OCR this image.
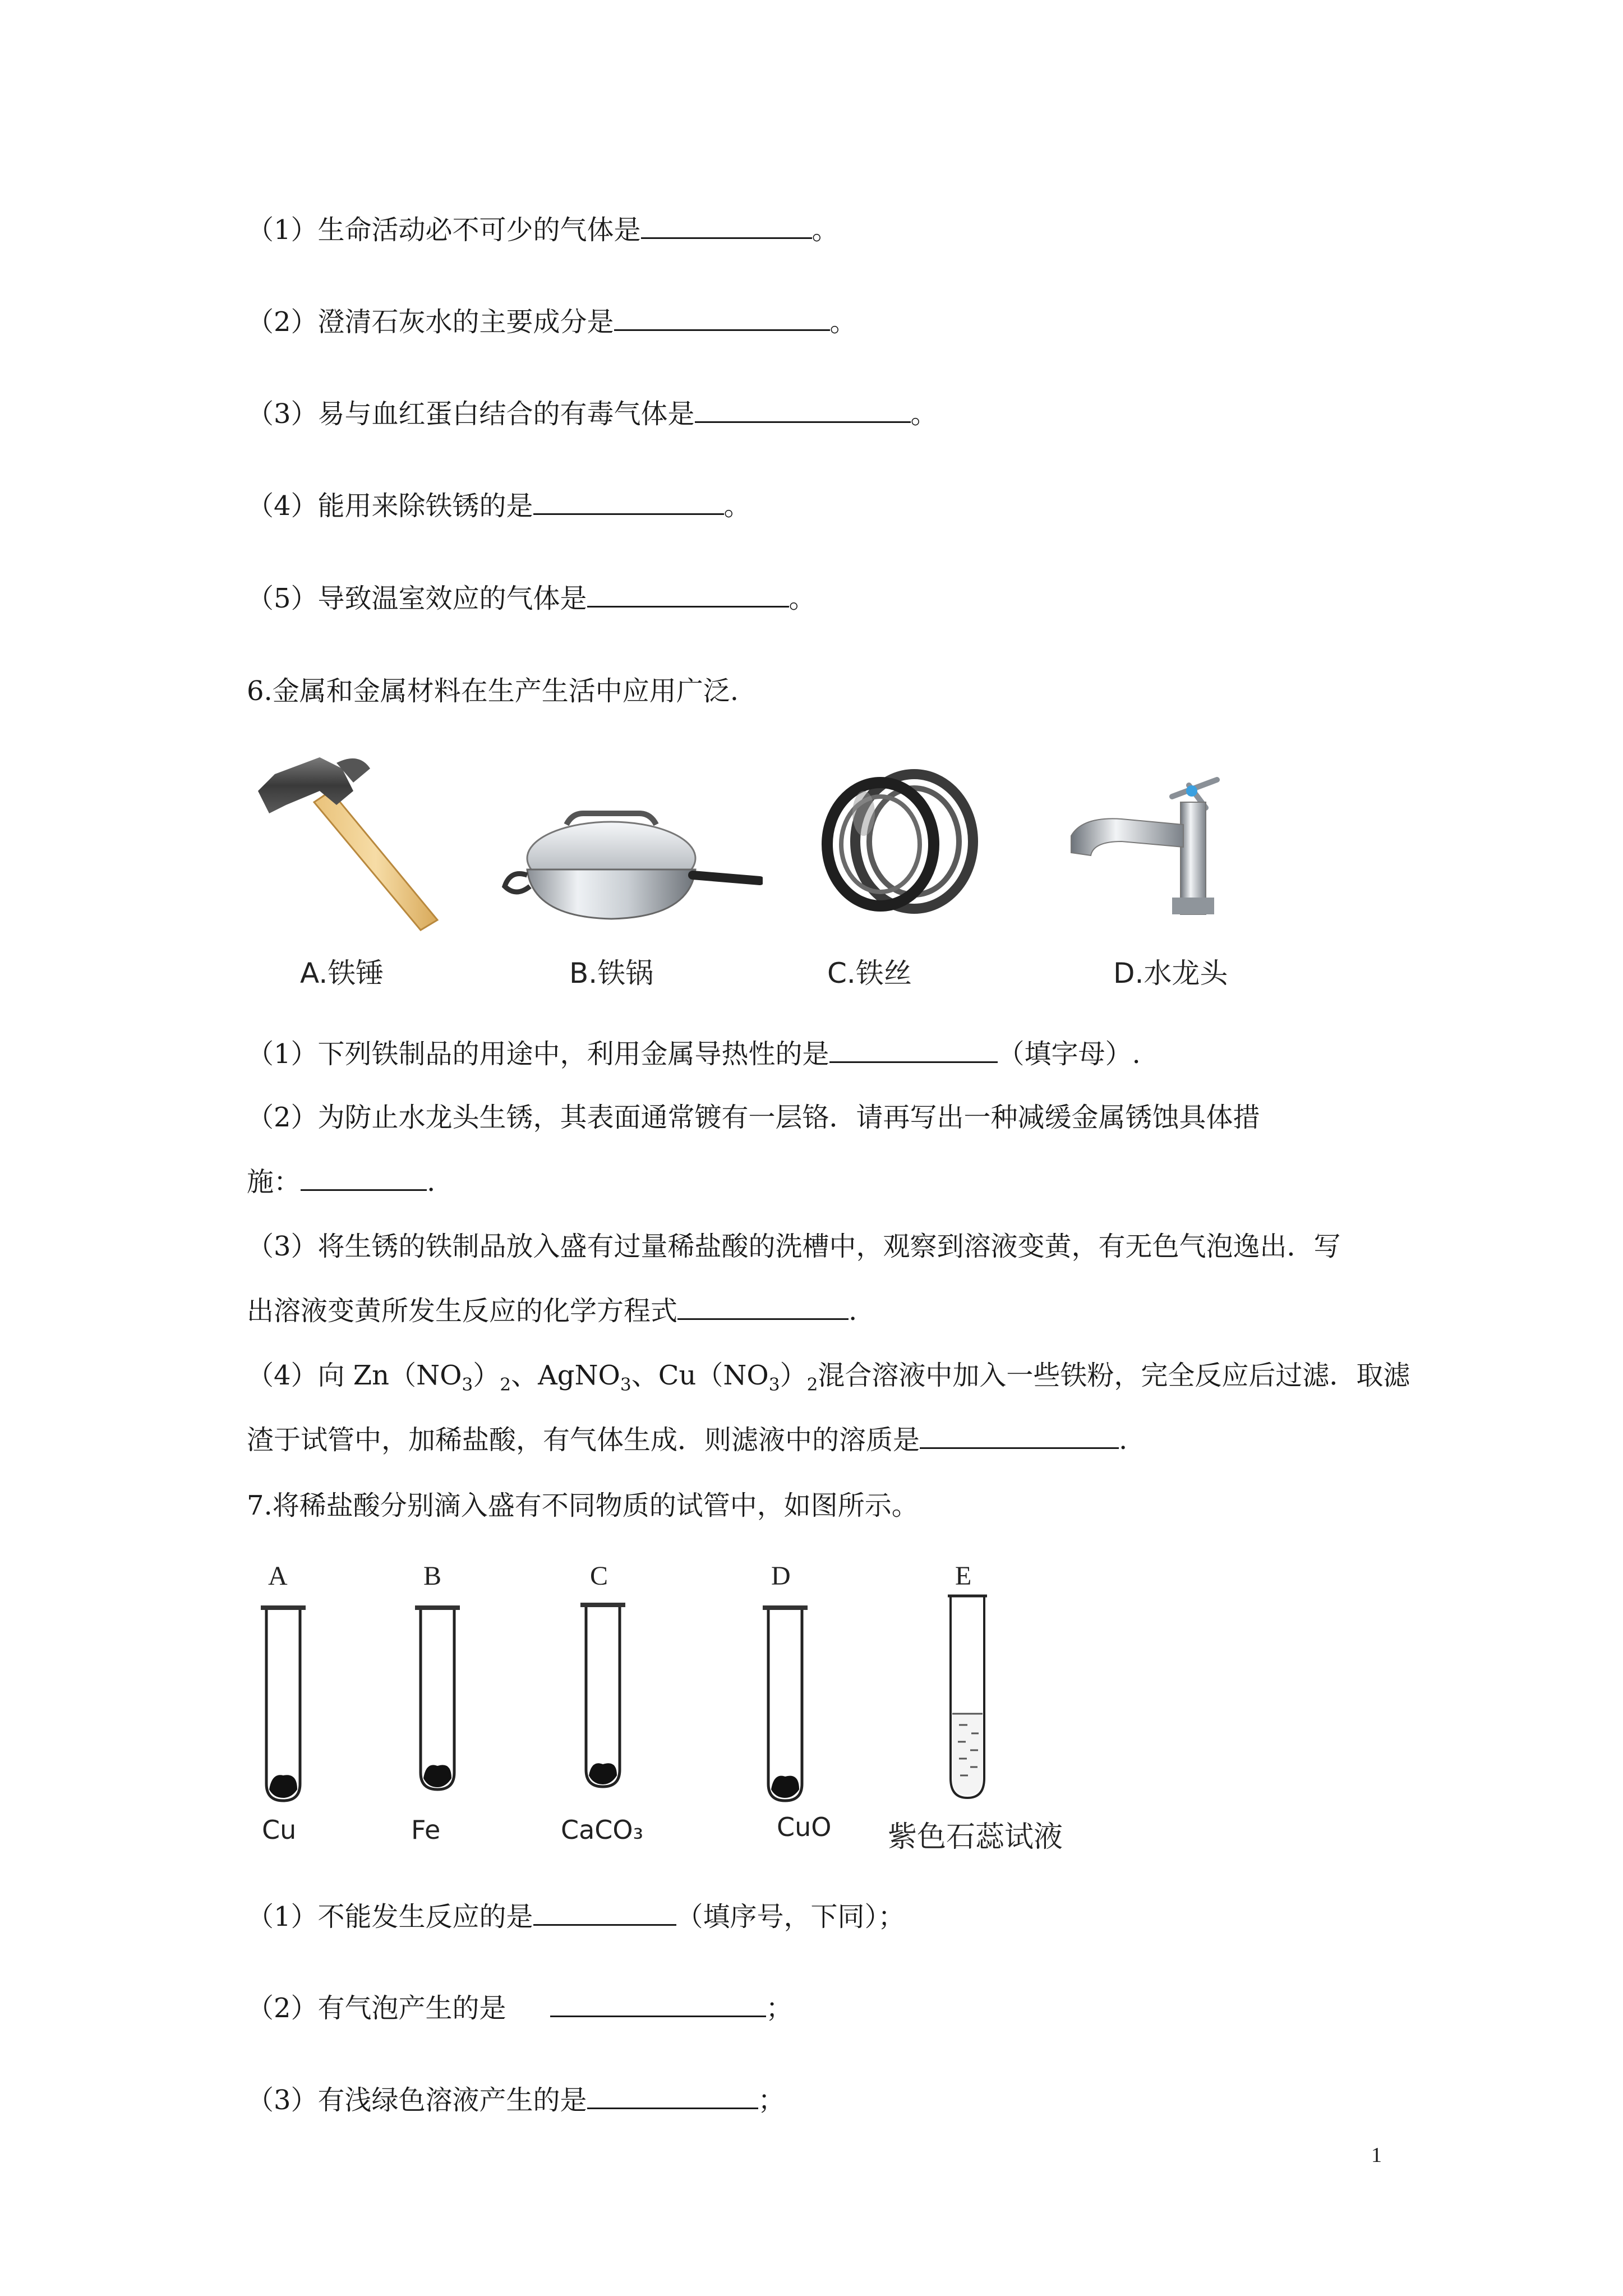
（1）生命活动必不可少的气体是	。
（2）澄清石灰水的主要成分是	。
（3）易与血红蛋白结合的有毒气体是	。
（4）能用来除铁锈的是	。
（5）导致温室效应的气体是	。
6.金属和金属材料在生产生活中应用广泛.
A.铁锤	B.铁锅	C.铁丝	D.水龙头
（1）下列铁制品的用途中，利用金属导热性的是	（填字母）.
（2）为防止水龙头生锈，其表面通常镀有一层铬．请再写出一种减缓金属锈蚀具体措
施：	.
（3）将生锈的铁制品放入盛有过量稀盐酸的洗槽中，观察到溶液变黄，有无色气泡逸出．写
出溶液变黄所发生反应的化学方程式	.
（4）向 $Zn(NO_3)_2$、AgNO$_3$、$Cu(NO_3)_2$混合溶液中加入一些铁粉，完全反应后过滤．取滤
渣于试管中，加稀盐酸，有气体生成．则滤液中的溶质是	.
7.将稀盐酸分别滴入盛有不同物质的试管中，如图所示。
A	B	C	D	E
Cu	Fe	CaCO₃	CuO 紫色石蕊试液
（1）不能发生反应的是	（填序号，下同）；
（2）有气泡产生的是　	；
（3）有浅绿色溶液产生的是	；
1
